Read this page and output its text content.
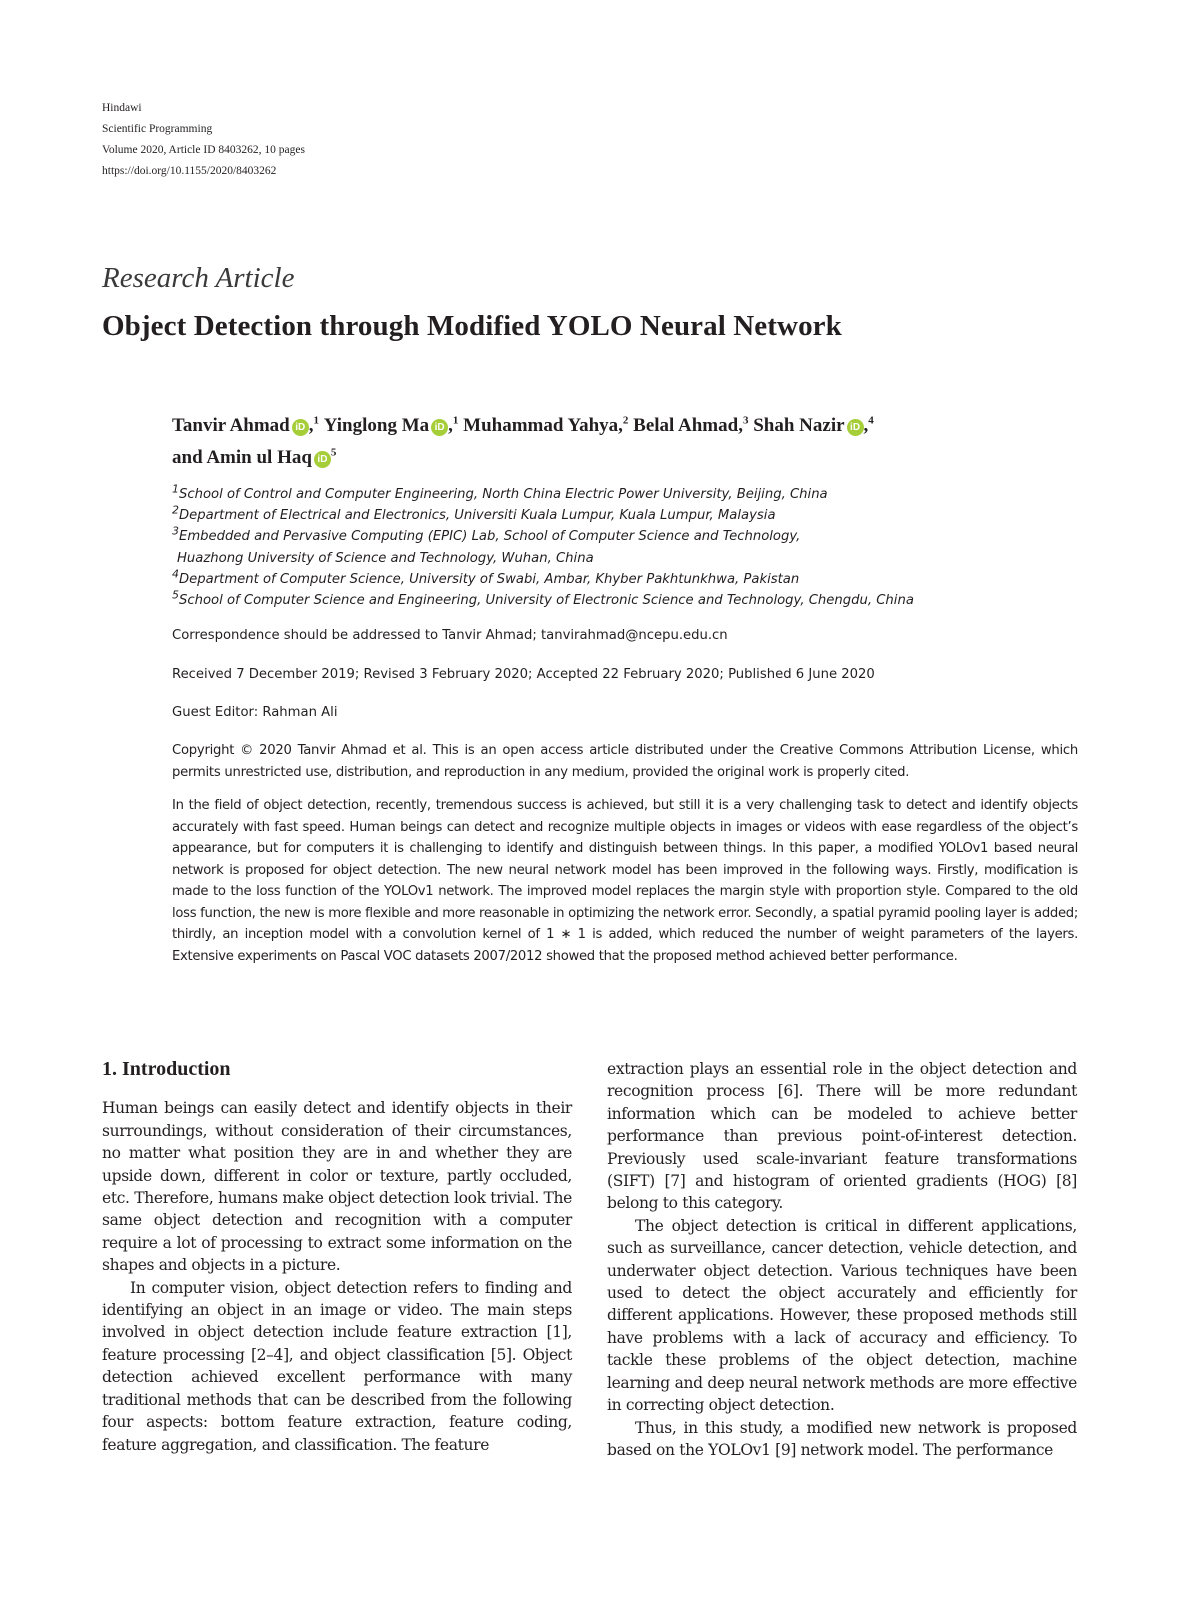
Hindawi
Scientific Programming
Volume 2020, Article ID 8403262, 10 pages
https://doi.org/10.1155/2020/8403262
Research Article
Object Detection through Modified YOLO Neural Network
Tanvir Ahmad iD ,$^1$ Yinglong Ma iD ,$^1$ Muhammad Yahya,$^2$ Belal Ahmad,$^3$ Shah Nazir iD ,$^4$
and Amin ul Haq $iD^5$
$^1$School of Control and Computer Engineering, North China Electric Power University, Beijing, China
$^2$Department of Electrical and Electronics, Universiti Kuala Lumpur, Kuala Lumpur, Malaysia
$^3$Embedded and Pervasive Computing (EPIC) Lab, School of Computer Science and Technology,
Huazhong University of Science and Technology, Wuhan, China
$^4$Department of Computer Science, University of Swabi, Ambar, Khyber Pakhtunkhwa, Pakistan
$^5$School of Computer Science and Engineering, University of Electronic Science and Technology, Chengdu, China
Correspondence should be addressed to Tanvir Ahmad; tanvirahmad@ncepu.edu.cn
Received 7 December 2019; Revised 3 February 2020; Accepted 22 February 2020; Published 6 June 2020
Guest Editor: Rahman Ali
Copyright © 2020 Tanvir Ahmad et al. This is an open access article distributed under the Creative Commons Attribution License, which permits unrestricted use, distribution, and reproduction in any medium, provided the original work is properly cited.
In the field of object detection, recently, tremendous success is achieved, but still it is a very challenging task to detect and identify objects accurately with fast speed. Human beings can detect and recognize multiple objects in images or videos with ease regardless of the object’s appearance, but for computers it is challenging to identify and distinguish between things. In this paper, a modified YOLOv1 based neural network is proposed for object detection. The new neural network model has been improved in the following ways. Firstly, modification is made to the loss function of the YOLOv1 network. The improved model replaces the margin style with proportion style. Compared to the old loss function, the new is more flexible and more reasonable in optimizing the network error. Secondly, a spatial pyramid pooling layer is added; thirdly, an inception model with a convolution kernel of 1 ∗ 1 is added, which reduced the number of weight parameters of the layers. Extensive experiments on Pascal VOC datasets 2007/2012 showed that the proposed method achieved better performance.
1. Introduction

Human beings can easily detect and identify objects in their surroundings, without consideration of their circumstances, no matter what position they are in and whether they are upside down, different in color or texture, partly occluded, etc. Therefore, humans make object detection look trivial. The same object detection and recognition with a computer require a lot of processing to extract some information on the shapes and objects in a picture.

In computer vision, object detection refers to finding and identifying an object in an image or video. The main steps involved in object detection include feature extraction [1], feature processing [2–4], and object classification [5]. Object detection achieved excellent performance with many traditional methods that can be described from the following four aspects: bottom feature extraction, feature coding, feature aggregation, and classification. The feature

extraction plays an essential role in the object detection and recognition process [6]. There will be more redundant information which can be modeled to achieve better performance than previous point-of-interest detection. Previously used scale-invariant feature transformations (SIFT) [7] and histogram of oriented gradients (HOG) [8] belong to this category.

The object detection is critical in different applications, such as surveillance, cancer detection, vehicle detection, and underwater object detection. Various techniques have been used to detect the object accurately and efficiently for different applications. However, these proposed methods still have problems with a lack of accuracy and efficiency. To tackle these problems of the object detection, machine learning and deep neural network methods are more effective in correcting object detection.

Thus, in this study, a modified new network is proposed based on the YOLOv1 [9] network model. The performance
